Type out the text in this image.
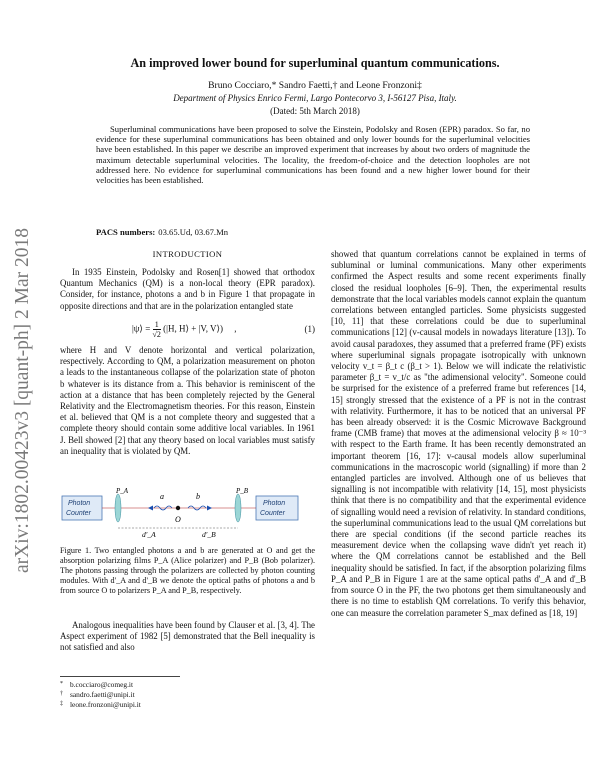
arXiv:1802.00423v3 [quant-ph] 2 Mar 2018
An improved lower bound for superluminal quantum communications.
Bruno Cocciaro,* Sandro Faetti,† and Leone Fronzoni‡
Department of Physics Enrico Fermi, Largo Pontecorvo 3, I-56127 Pisa, Italy.
(Dated: 5th March 2018)
Superluminal communications have been proposed to solve the Einstein, Podolsky and Rosen (EPR) paradox. So far, no evidence for these superluminal communications has been obtained and only lower bounds for the superluminal velocities have been established. In this paper we describe an improved experiment that increases by about two orders of magnitude the maximum detectable superluminal velocities. The locality, the freedom-of-choice and the detection loopholes are not addressed here. No evidence for superluminal communications has been found and a new higher lower bound for their velocities has been established.
PACS numbers: 03.65.Ud, 03.67.Mn
INTRODUCTION

In 1935 Einstein, Podolsky and Rosen[1] showed that orthodox Quantum Mechanics (QM) is a non-local theory (EPR paradox). Consider, for instance, photons a and b in Figure 1 that propagate in opposite directions and that are in the polarization entangled state

|ψ⟩ = $\frac{1}{√2} (|H$, H⟩ + |V, V⟩)     ,	(1)

where H and V denote horizontal and vertical polarization, respectively. According to QM, a polarization measurement on photon a leads to the instantaneous collapse of the polarization state of photon b whatever is its distance from a. This behavior is reminiscent of the action at a distance that has been completely rejected by the General Relativity and the Electromagnetism theories. For this reason, Einstein et al. believed that QM is a not complete theory and suggested that a complete theory should contain some additive local variables. In 1961 J. Bell showed [2] that any theory based on local variables must satisfy an inequality that is violated by QM.

Photon
Counter
Photon
Counter
P_A	P_B
a	b
O
d'_A	d'_B
Figure 1. Two entangled photons a and b are generated at O and get the absorption polarizing films P_A (Alice polarizer) and P_B (Bob polarizer). The photons passing through the polarizers are collected by photon counting modules. With d'_A and d'_B we denote the optical paths of photons a and b from source O to polarizers P_A and P_B, respectively.

Analogous inequalities have been found by Clauser et al. [3, 4]. The Aspect experiment of 1982 [5] demonstrated that the Bell inequality is not satisfied and also

* b.cocciaro@comeg.it
† sandro.faetti@unipi.it
‡ leone.fronzoni@unipi.it

showed that quantum correlations cannot be explained in terms of subluminal or luminal communications. Many other experiments confirmed the Aspect results and some recent experiments finally closed the residual loopholes [6–9]. Then, the experimental results demonstrate that the local variables models cannot explain the quantum correlations between entangled particles. Some physicists suggested [10, 11] that these correlations could be due to superluminal communications [12] (v-causal models in nowadays literature [13]). To avoid causal paradoxes, they assumed that a preferred frame (PF) exists where superluminal signals propagate isotropically with unknown velocity v_t = β_t c (β_t > 1). Below we will indicate the relativistic parameter β_t = v_t/c as "the adimensional velocity". Someone could be surprised for the existence of a preferred frame but references [14, 15] strongly stressed that the existence of a PF is not in the contrast with relativity. Furthermore, it has to be noticed that an universal PF has been already observed: it is the Cosmic Microwave Background frame (CMB frame) that moves at the adimensional velocity β ≈ 10⁻³ with respect to the Earth frame. It has been recently demonstrated an important theorem [16, 17]: v-causal models allow superluminal communications in the macroscopic world (signalling) if more than 2 entangled particles are involved. Although one of us believes that signalling is not incompatible with relativity [14, 15], most physicists think that there is no compatibility and that the experimental evidence of signalling would need a revision of relativity. In standard conditions, the superluminal communications lead to the usual QM correlations but there are special conditions (if the second particle reaches its measurement device when the collapsing wave didn't yet reach it) where the QM correlations cannot be established and the Bell inequality should be satisfied. In fact, if the absorption polarizing films P_A and P_B in Figure 1 are at the same optical paths d'_A and d'_B from source O in the PF, the two photons get them simultaneously and there is no time to establish QM correlations. To verify this behavior, one can measure the correlation parameter S_max defined as [18, 19]
